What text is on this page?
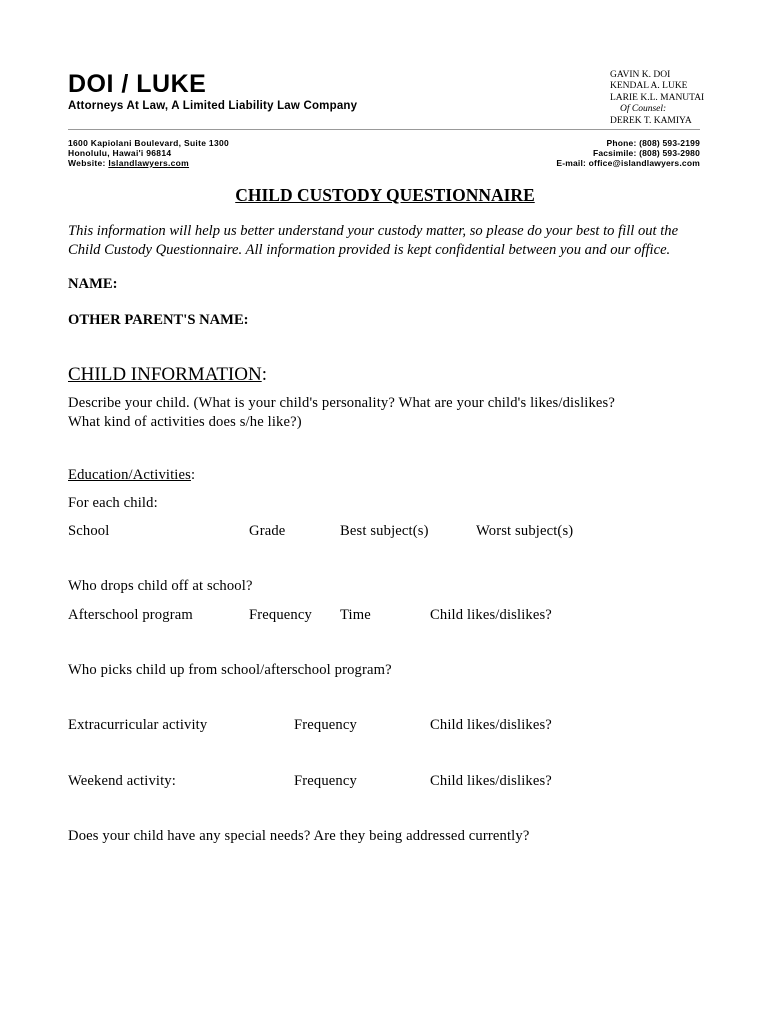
DOI / LUKE
Attorneys At Law, A Limited Liability Law Company
GAVIN K. DOI
KENDAL A. LUKE
LARIE K.L. MANUTAI
Of Counsel:
DEREK T. KAMIYA
1600 Kapiolani Boulevard, Suite 1300
Honolulu, Hawai'i 96814
Website: Islandlawyers.com
Phone: (808) 593-2199
Facsimile: (808) 593-2980
E-mail: office@islandlawyers.com
CHILD CUSTODY QUESTIONNAIRE
This information will help us better understand your custody matter, so please do your best to fill out the Child Custody Questionnaire. All information provided is kept confidential between you and our office.
NAME:
OTHER PARENT'S NAME:
CHILD INFORMATION:
Describe your child. (What is your child's personality? What are your child's likes/dislikes?
What kind of activities does s/he like?)
Education/Activities:
For each child:
School	Grade	Best subject(s)	Worst subject(s)
Who drops child off at school?
Afterschool program	Frequency Time	Child likes/dislikes?
Who picks child up from school/afterschool program?
Extracurricular activity	Frequency	Child likes/dislikes?
Weekend activity:	Frequency	Child likes/dislikes?
Does your child have any special needs? Are they being addressed currently?
